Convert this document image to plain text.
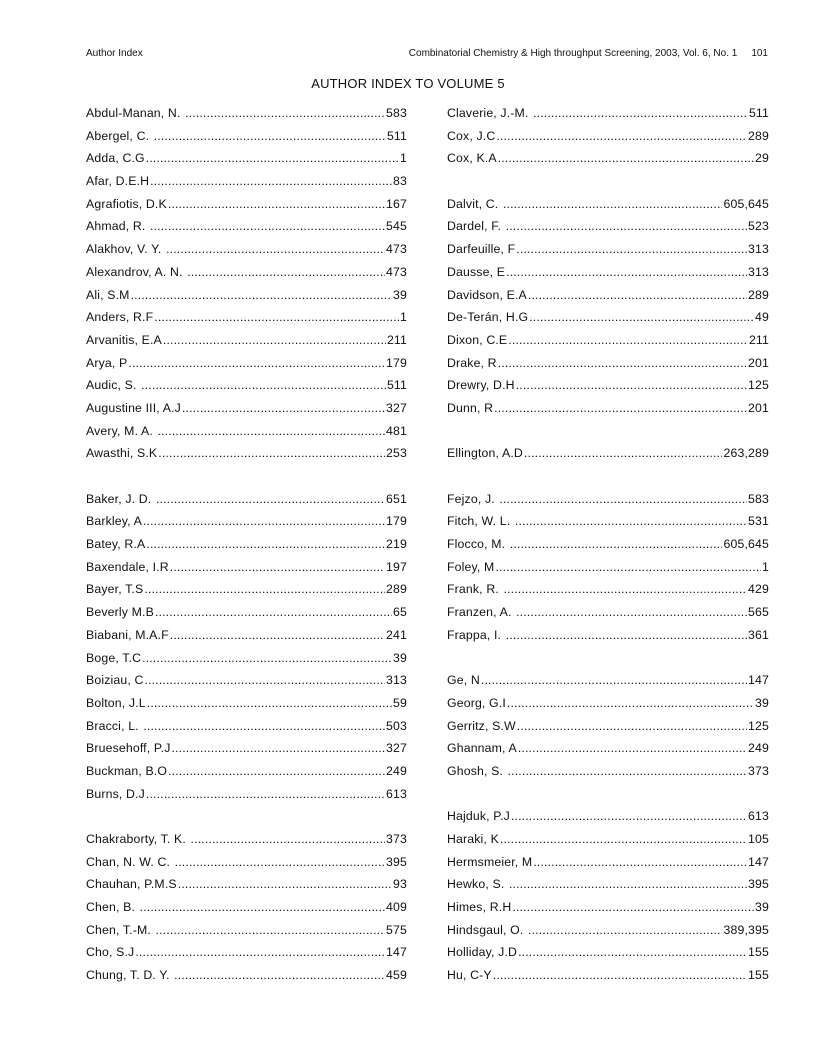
Author Index	Combinatorial Chemistry & High throughput Screening, 2003, Vol. 6, No. 1 101
AUTHOR INDEX TO VOLUME 5
Abdul-Manan, N. .....	583
Abergel, C. .....	511
Adda, C.G .....	1
Afar, D.E.H .....	83
Agrafiotis, D.K .....	167
Ahmad, R. .....	545
Alakhov, V. Y. .....	473
Alexandrov, A. N. .....	473
Ali, S.M .....	39
Anders, R.F .....	1
Arvanitis, E.A .....	211
Arya, P .....	179
Audic, S. .....	511
Augustine III, A.J .....	327
Avery, M. A. .....	481
Awasthi, S.K .....	253
Baker, J. D. .....	651
Barkley, A .....	179
Batey, R.A .....	219
Baxendale, I.R .....	197
Bayer, T.S .....	289
Beverly M.B .....	65
Biabani, M.A.F .....	241
Boge, T.C .....	39
Boiziau, C .....	313
Bolton, J.L .....	59
Bracci, L. .....	503
Bruesehoff, P.J .....	327
Buckman, B.O .....	249
Burns, D.J .....	613
Chakraborty, T. K. .....	373
Chan, N. W. C. .....	395
Chauhan, P.M.S .....	93
Chen, B. .....	409
Chen, T.-M. .....	575
Cho, S.J .....	147
Chung, T. D. Y. .....	459
Claverie, J.-M. .....	511
Cox, J.C .....	289
Cox, K.A .....	29
Dalvit, C. .....	605,645
Dardel, F. .....	523
Darfeuille, F .....	313
Dausse, E .....	313
Davidson, E.A .....	289
De-Terán, H.G .....	49
Dixon, C.E .....	211
Drake, R .....	201
Drewry, D.H .....	125
Dunn, R .....	201
Ellington, A.D .....	263,289
Fejzo, J. .....	583
Fitch, W. L. .....	531
Flocco, M. .....	605,645
Foley, M .....	1
Frank, R. .....	429
Franzen, A. .....	565
Frappa, I. .....	361
Ge, N .....	147
Georg, G.I .....	39
Gerritz, S.W .....	125
Ghannam, A .....	249
Ghosh, S. .....	373
Hajduk, P.J .....	613
Haraki, K .....	105
Hermsmeier, M .....	147
Hewko, S. .....	395
Himes, R.H .....	39
Hindsgaul, O. .....	389,395
Holliday, J.D .....	155
Hu, C-Y .....	155
